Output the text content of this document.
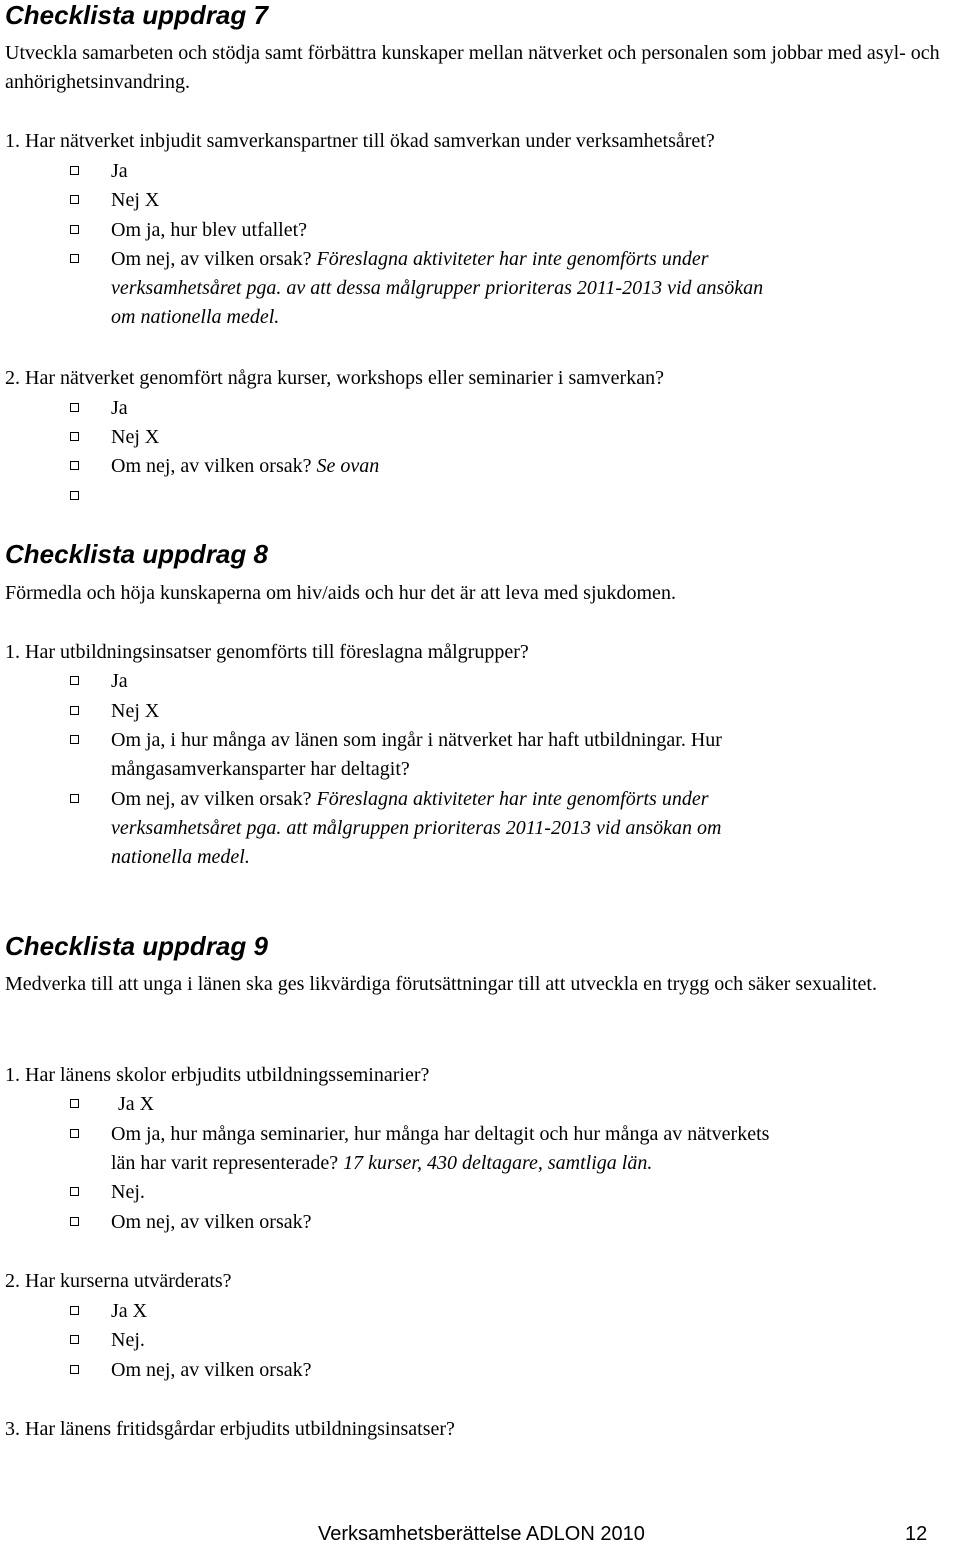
Checklista uppdrag 7
Utveckla samarbeten och stödja samt förbättra kunskaper mellan nätverket och personalen som jobbar med asyl- och anhörighetsinvandring.
1. Har nätverket inbjudit samverkanspartner till ökad samverkan under verksamhetsåret?
Ja
Nej X
Om ja, hur blev utfallet?
Om nej, av vilken orsak? Föreslagna aktiviteter har inte genomförts under
verksamhetsåret pga. av att dessa målgrupper prioriteras 2011-2013 vid ansökan
om nationella medel.
2. Har nätverket genomfört några kurser, workshops eller seminarier i samverkan?
Ja
Nej X
Om nej, av vilken orsak? Se ovan
Checklista uppdrag 8
Förmedla och höja kunskaperna om hiv/aids och hur det är att leva med sjukdomen.
1. Har utbildningsinsatser genomförts till föreslagna målgrupper?
Ja
Nej X
Om ja, i hur många av länen som ingår i nätverket har haft utbildningar. Hur
mångasamverkansparter har deltagit?
Om nej, av vilken orsak? Föreslagna aktiviteter har inte genomförts under
verksamhetsåret pga. att målgruppen prioriteras 2011-2013 vid ansökan om
nationella medel.
Checklista uppdrag 9
Medverka till att unga i länen ska ges likvärdiga förutsättningar till att utveckla en trygg och säker sexualitet.
1. Har länens skolor erbjudits utbildningsseminarier?
Ja X
Om ja, hur många seminarier, hur många har deltagit och hur många av nätverkets
län har varit representerade? 17 kurser, 430 deltagare, samtliga län.
Nej.
Om nej, av vilken orsak?
2. Har kurserna utvärderats?
Ja X
Nej.
Om nej, av vilken orsak?
3. Har länens fritidsgårdar erbjudits utbildningsinsatser?
Verksamhetsberättelse ADLON 2010	12
